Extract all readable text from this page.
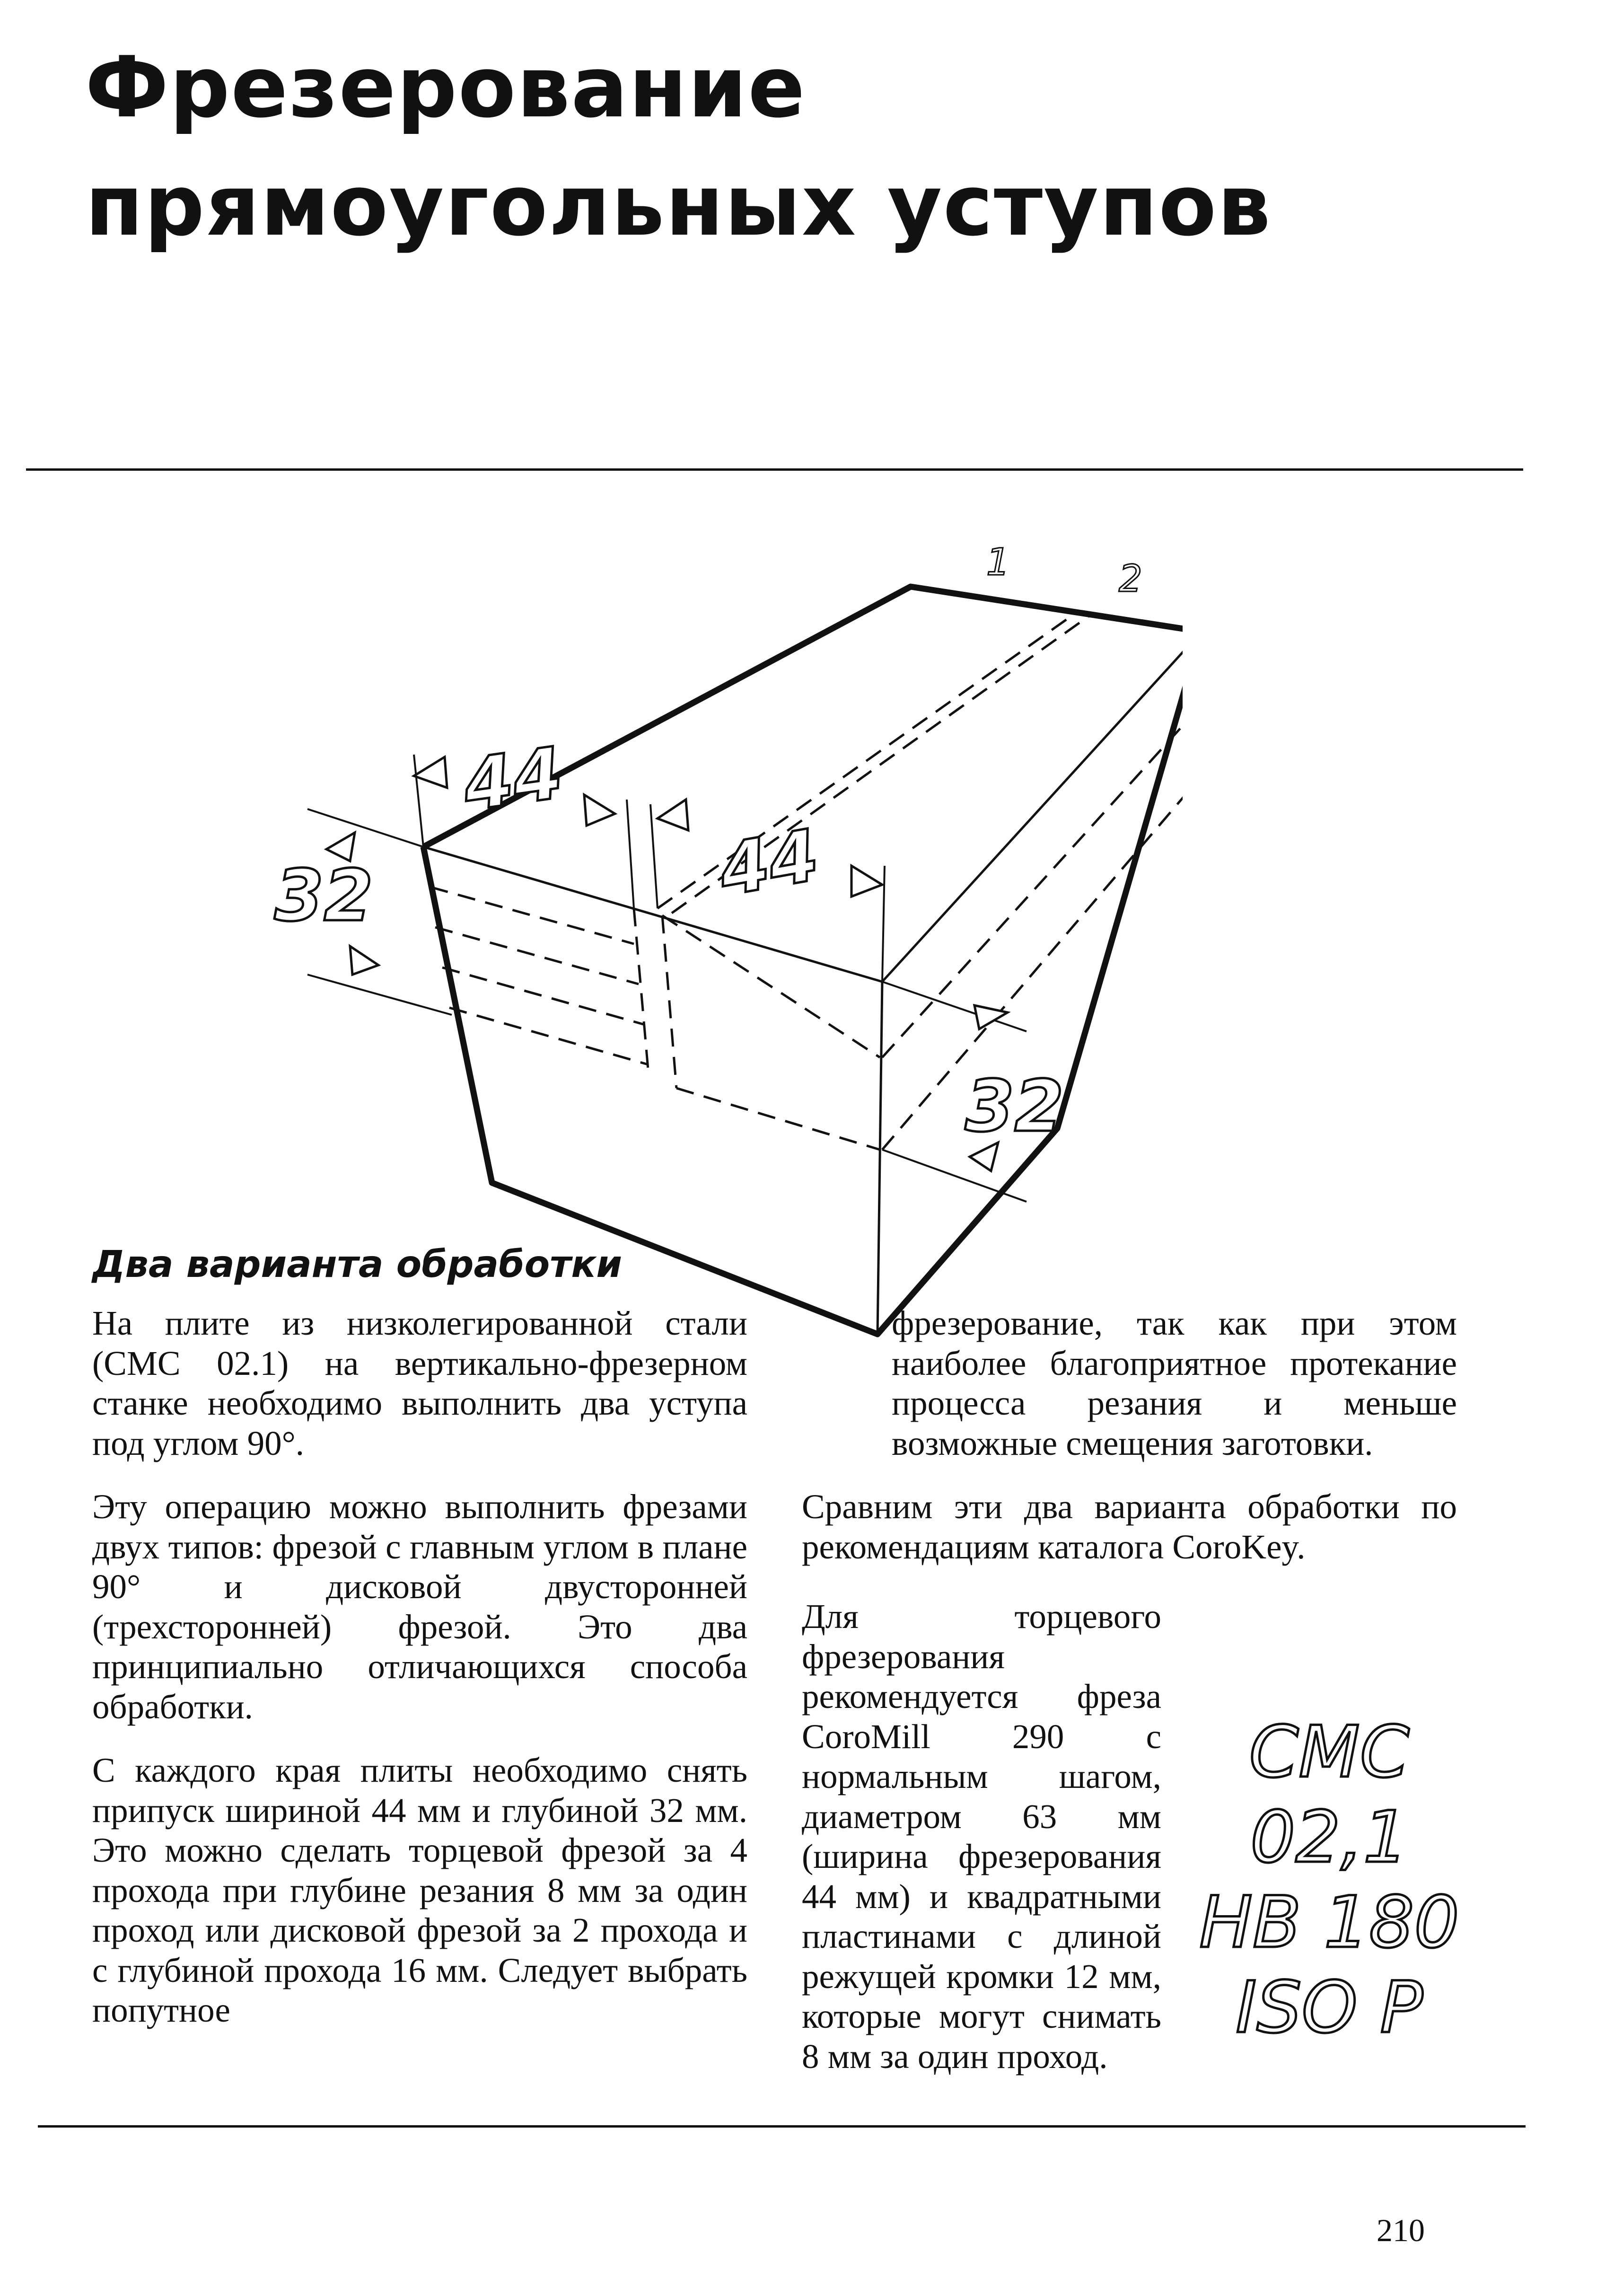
Фрезерование
прямоугольных уступов
44
44
32
32
1	2
Два варианта обработки

На плите из низколегированной стали (СМС 02.1) на вертикально-фрезерном станке необходимо выполнить два уступа под углом 90°.

Эту операцию можно выполнить фрезами двух типов: фрезой с главным углом в плане 90° и дисковой двусторонней (трехсторонней) фрезой. Это два принципиально отличающихся способа обработки.

С каждого края плиты необходимо снять припуск шириной 44 мм и глубиной 32 мм. Это можно сделать торцевой фрезой за 4 прохода при глубине резания 8 мм за один проход или дисковой фрезой за 2 прохода и с глубиной прохода 16 мм. Следует выбрать попутное

фрезерование, так как при этом наиболее благоприятное протекание процесса резания и меньше возможные смещения заготовки.

Сравним эти два варианта обработки по рекомендациям каталога CoroKey.

Для торцевого фрезерования рекомендуется фреза CoroMill 290 с нормальным шагом, диаметром 63 мм (ширина фрезерования 44 мм) и квадратными пластинами с длиной режущей кромки 12 мм, которые могут снимать 8 мм за один проход.

CMC
02,1
HB 180
ISO P

210
